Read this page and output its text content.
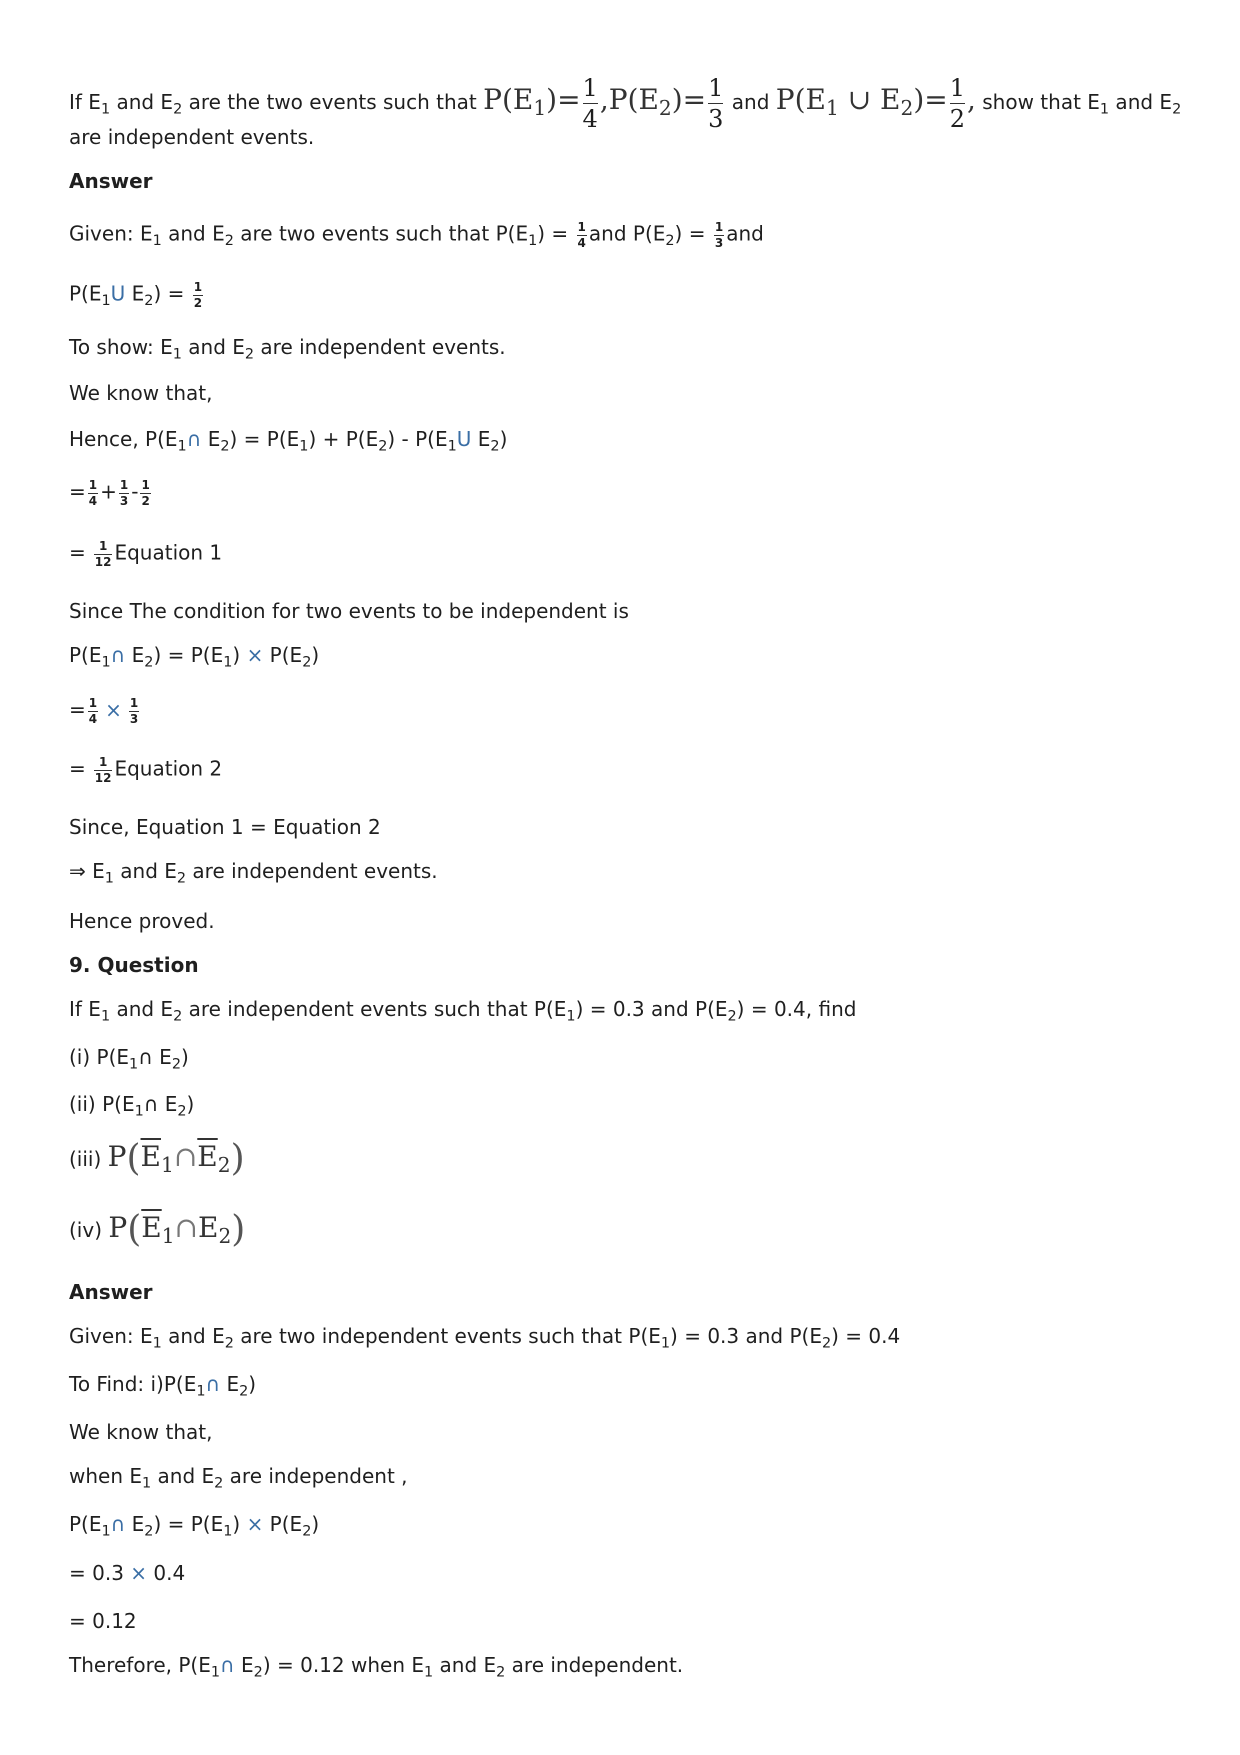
If $E_1$ and $E_2$ are the two events such that $P(E_1)= \frac{1}{4} ,P(E_2)= \frac{1}{3}$ and $P(E_1$ ∪ $E_2)= \frac{1}{2}$ , show that $E_1$ and $E_2$
are independent events.
Answer
Given: $E_1$ and $E_2$ are two events such that $P(E_1) = \frac{1}{4}$ and $P(E_2) = \frac{1}{3}$ and
$P(E_1U$ $E_2) = \frac{1}{2}$
To show: $E_1$ and $E_2$ are independent events.
We know that,
Hence, $P(E_1\cap$ $E_2) = P(E_1) + P(E_2) - P(E_1U$ $E_2$)
= $\frac{1}{4} + \frac{1}{3} - \frac{1}{2}$
= $\frac{1}{12}$ Equation 1
Since The condition for two events to be independent is
$P(E_1\cap$ $E_2) = P(E_1) \times P(E_2)$
= $\frac{1}{4} \times \frac{1}{3}$
= $\frac{1}{12}$ Equation 2
Since, Equation 1 = Equation 2
⇒ $E_1$ and $E_2$ are independent events.
Hence proved.
9. Question
If $E_1$ and $E_2$ are independent events such that $P(E_1) = 0.3$ and $P(E_2) = 0.4$, find
(i) $P(E_1\cap$ $E_2$)
(ii) $P(E_1\cap$ $E_2$)
(iii) $P(\overline{E}_1\cap\overline{E}_2)$
(iv) $P(\overline{E}_1\cap E_2)$
Answer
Given: $E_1$ and $E_2$ are two independent events such that $P(E_1) = 0.3$ and $P(E_2) = 0.4$
To Find: $i)P(E_1\cap$ $E_2$)
We know that,
when $E_1$ and $E_2$ are independent ,
$P(E_1\cap$ $E_2) = P(E_1) \times P(E_2)$
= 0.3 × 0.4
= 0.12
Therefore, $P(E_1\cap$ $E_2) = 0.12$ when $E_1$ and $E_2$ are independent.
